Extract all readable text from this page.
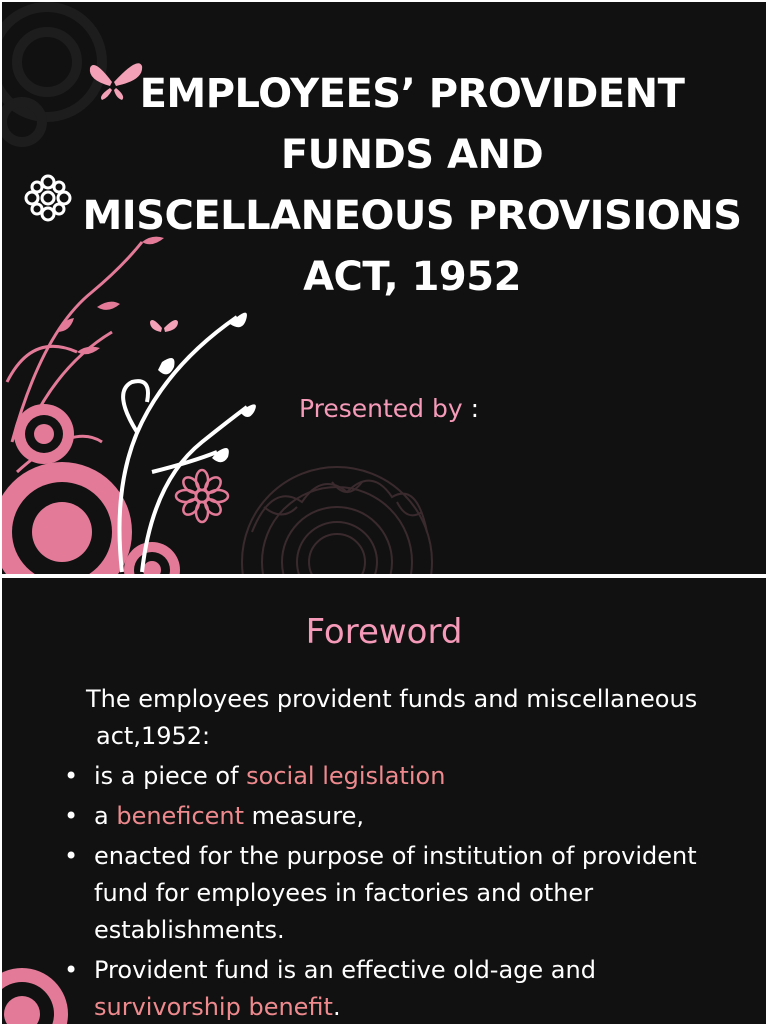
EMPLOYEES’ PROVIDENT
FUNDS AND
MISCELLANEOUS PROVISIONS
ACT, 1952
Presented by :
Foreword
The employees provident funds and miscellaneous
act,1952:
• is a piece of social legislation
• a beneficent measure,
• enacted for the purpose of institution of provident fund for employees in factories and other establishments.
• Provident fund is an effective old-age and survivorship benefit.
